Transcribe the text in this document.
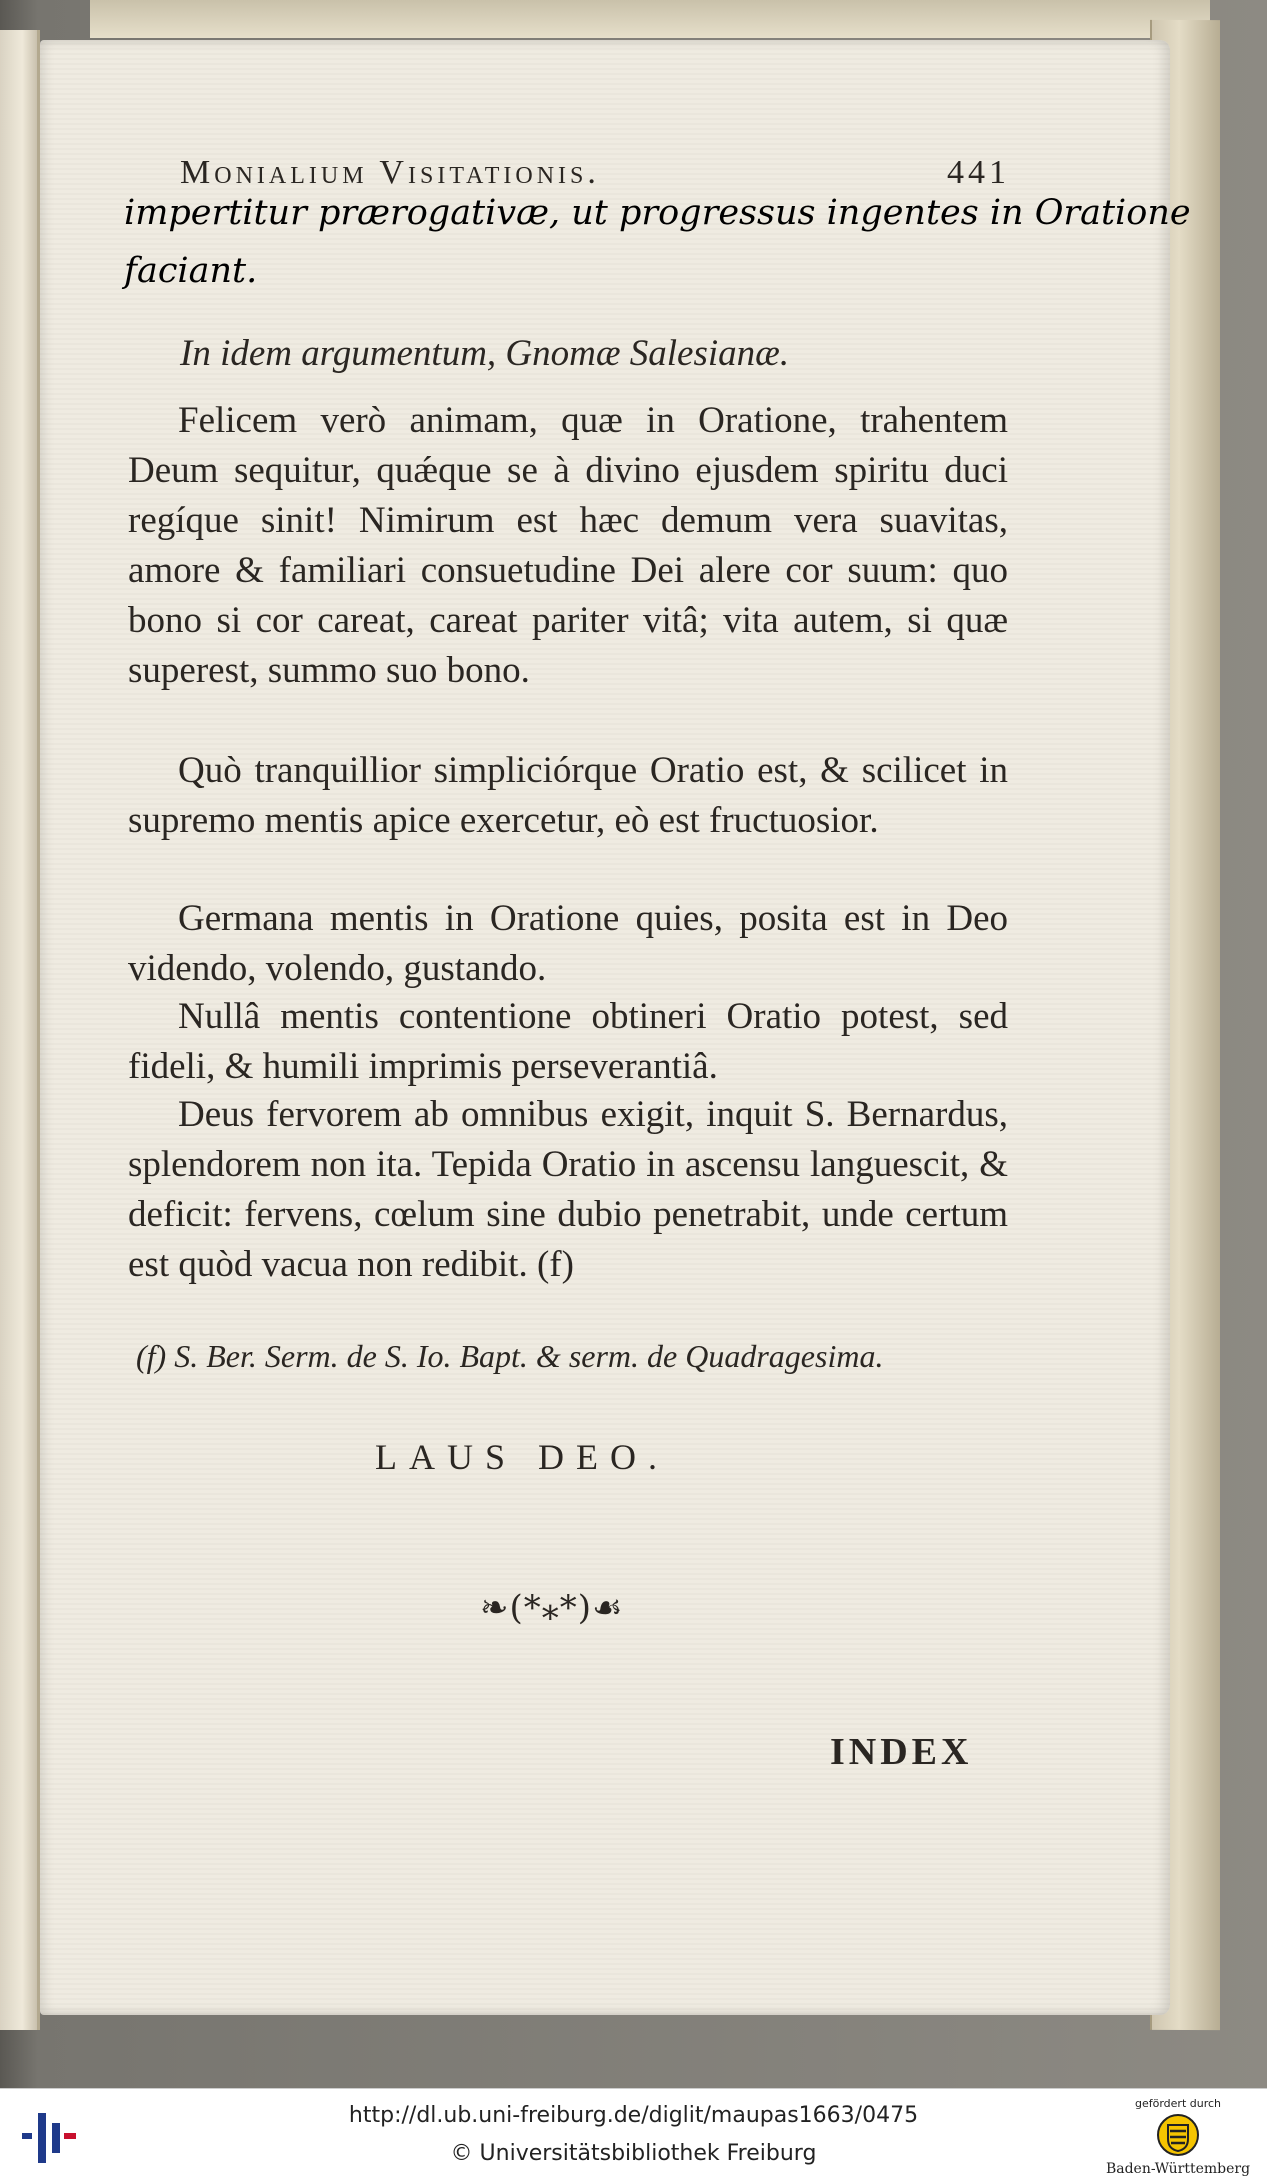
Monialium Visitationis.	441
impertitur prærogativæ, ut progressus ingentes in Oratione
faciant.
In idem argumentum, Gnomæ Salesianæ.
Felicem verò animam, quæ in Oratione, trahentem Deum sequitur, quǽque se à divino ejusdem spiritu duci regíque sinit! Nimirum est hæc demum vera suavitas, amore & familiari consuetudine Dei alere cor suum: quo bono si cor careat, careat pariter vitâ; vita autem, si quæ superest, summo suo bono.
Quò tranquillior simpliciórque Oratio est, & scilicet in supremo mentis apice exercetur, eò est fructuosior.
Germana mentis in Oratione quies, posita est in Deo videndo, volendo, gustando.
Nullâ mentis contentione obtineri Oratio potest, sed fideli, & humili imprimis perseverantiâ.
Deus fervorem ab omnibus exigit, inquit S. Bernardus, splendorem non ita. Tepida Oratio in ascensu languescit, & deficit: fervens, cœlum sine dubio penetrabit, unde certum est quòd vacua non redibit. (f)
(f) S. Ber. Serm. de S. Io. Bapt. & serm. de Quadragesima.
LAUS DEO.
❧(*⁎*)☙
INDEX
http://dl.ub.uni-freiburg.de/diglit/maupas1663/0475
© Universitätsbibliothek Freiburg
gefördert durch
Baden-Württemberg
